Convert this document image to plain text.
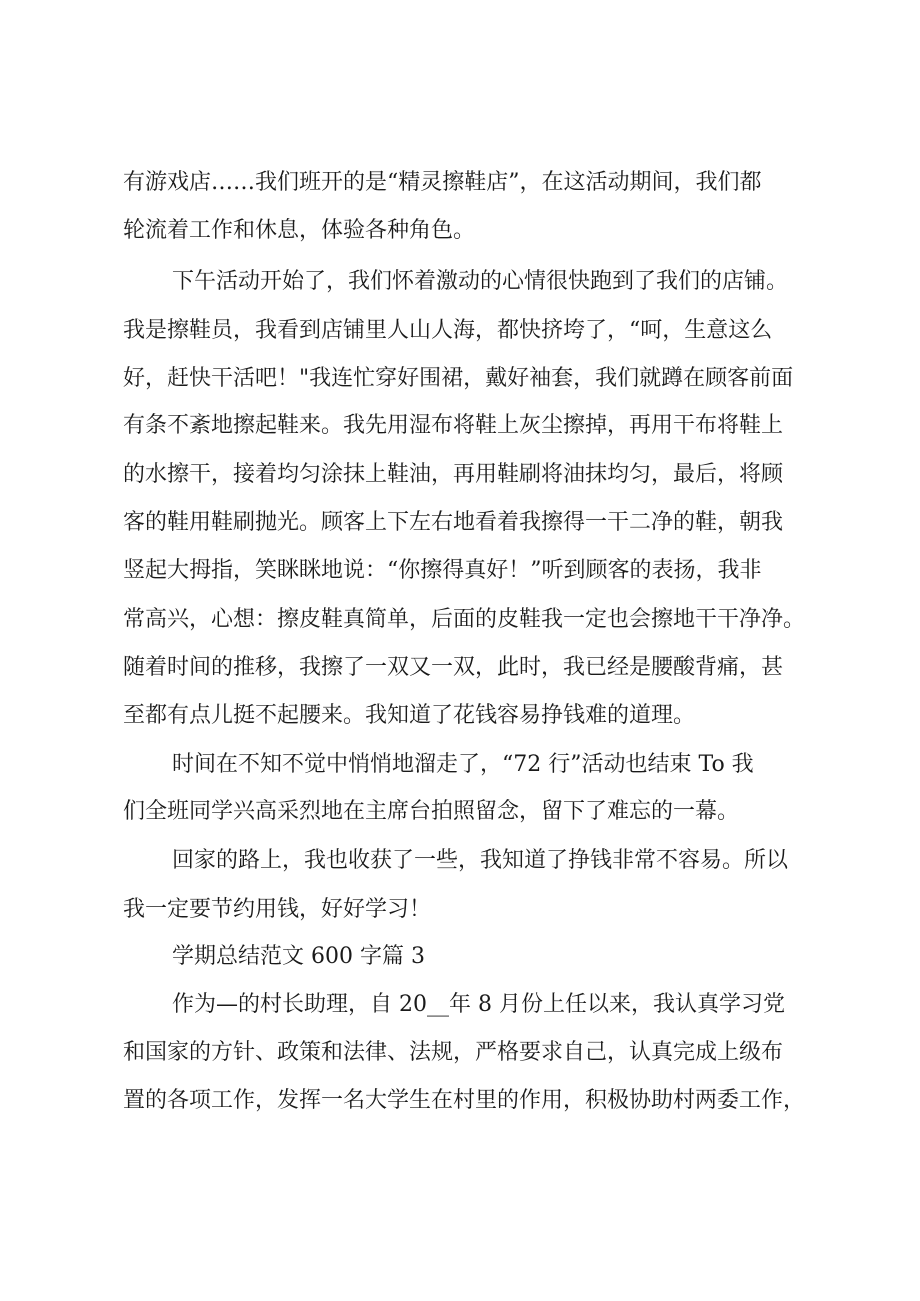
有游戏店……我们班开的是“精灵擦鞋店”，在这活动期间，我们都

轮流着工作和休息，体验各种角色。

下午活动开始了，我们怀着激动的心情很快跑到了我们的店铺。

我是擦鞋员，我看到店铺里人山人海，都快挤垮了，“呵，生意这么

好，赶快干活吧！"我连忙穿好围裙，戴好袖套，我们就蹲在顾客前面

有条不紊地擦起鞋来。我先用湿布将鞋上灰尘擦掉，再用干布将鞋上

的水擦干，接着均匀涂抹上鞋油，再用鞋刷将油抹均匀，最后，将顾

客的鞋用鞋刷抛光。顾客上下左右地看着我擦得一干二净的鞋，朝我

竖起大拇指，笑眯眯地说：“你擦得真好！”听到顾客的表扬，我非

常高兴，心想：擦皮鞋真简单，后面的皮鞋我一定也会擦地干干净净。

随着时间的推移，我擦了一双又一双，此时，我已经是腰酸背痛，甚

至都有点儿挺不起腰来。我知道了花钱容易挣钱难的道理。

时间在不知不觉中悄悄地溜走了，“72 行”活动也结束 To 我

们全班同学兴高采烈地在主席台拍照留念，留下了难忘的一幕。

回家的路上，我也收获了一些，我知道了挣钱非常不容易。所以

我一定要节约用钱，好好学习！

学期总结范文 600 字篇 3

作为—的村长助理，自 20__年 8 月份上任以来，我认真学习党

和国家的方针、政策和法律、法规，严格要求自己，认真完成上级布

置的各项工作，发挥一名大学生在村里的作用，积极协助村两委工作，
